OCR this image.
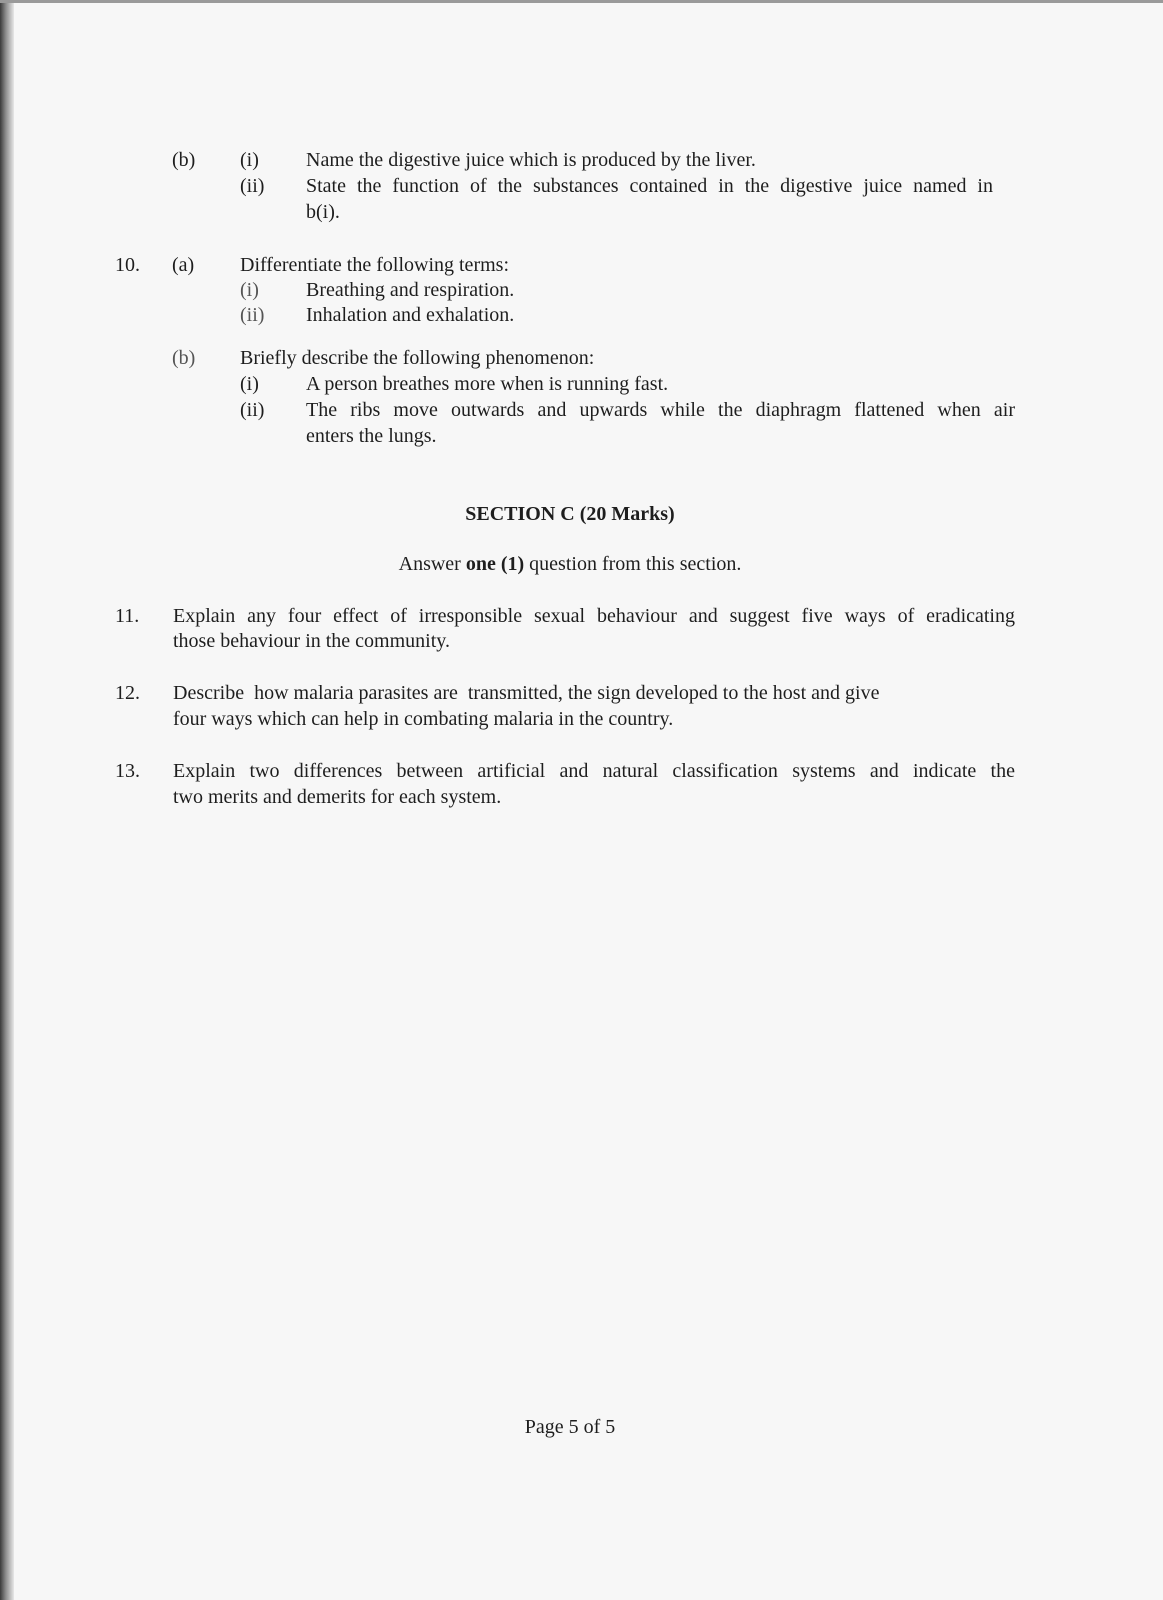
(b) (i) Name the digestive juice which is produced by the liver.
(ii) State the function of the substances contained in the digestive juice named in
b(i).
10. (a) Differentiate the following terms:
(i) Breathing and respiration.
(ii) Inhalation and exhalation.
(b) Briefly describe the following phenomenon:
(i) A person breathes more when is running fast.
(ii) The ribs move outwards and upwards while the diaphragm flattened when air
enters the lungs.
SECTION C (20 Marks)
Answer one (1) question from this section.
11. Explain any four effect of irresponsible sexual behaviour and suggest five ways of eradicating
those behaviour in the community.
12. Describe  how malaria parasites are  transmitted, the sign developed to the host and give
four ways which can help in combating malaria in the country.
13. Explain two differences between artificial and natural classification systems and indicate the
two merits and demerits for each system.
Page 5 of 5
